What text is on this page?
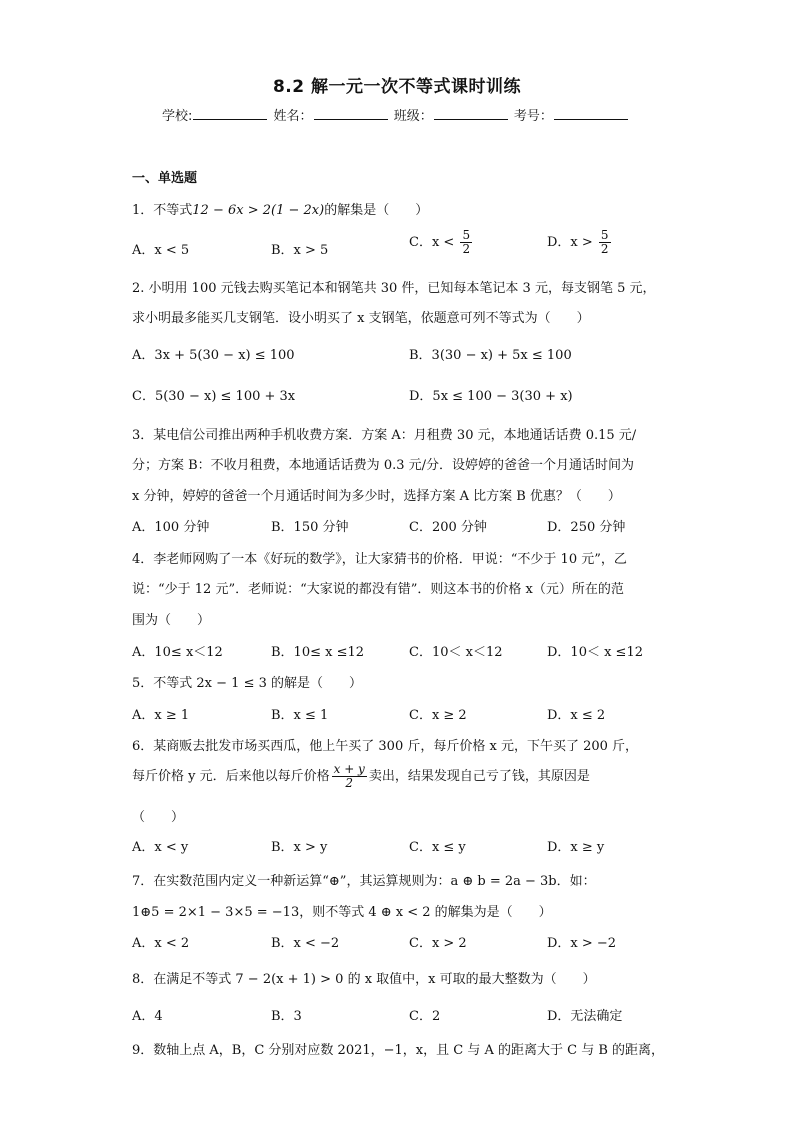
8.2 解一元一次不等式课时训练
学校:	姓名：	班级：	考号：
一、单选题
1．不等式12 − 6x > 2(1 − 2x)的解集是（　　）
A．x < 5	B．x > 5
C．$x < \frac{5}{2}$	D．$x > \frac{5}{2}$
2. 小明用 100 元钱去购买笔记本和钢笔共 30 件，已知每本笔记本 3 元，每支钢笔 5 元，
求小明最多能买几支钢笔．设小明买了 x 支钢笔，依题意可列不等式为（　　）
A．3x + 5(30 − x) ≤ 100	B．3(30 − x) + 5x ≤ 100
C．5(30 − x) ≤ 100 + 3x	D．5x ≤ 100 − 3(30 + x)
3．某电信公司推出两种手机收费方案．方案 A：月租费 30 元，本地通话话费 0.15 元/
分；方案 B：不收月租费，本地通话话费为 0.3 元/分．设婷婷的爸爸一个月通话时间为
x 分钟，婷婷的爸爸一个月通话时间为多少时，选择方案 A 比方案 B 优惠？（　　）
A．100 分钟	B．150 分钟	C．200 分钟	D．250 分钟
4．李老师网购了一本《好玩的数学》，让大家猜书的价格．甲说：“不少于 10 元”，乙
说：“少于 12 元”．老师说：“大家说的都没有错”．则这本书的价格 x（元）所在的范
围为（　　）
A．10≤ x＜12	B．10≤ x ≤12	C．10＜ x＜12	D．10＜ x ≤12
5．不等式 2x − 1 ≤ 3 的解是（　　）
A．x ≥ 1	B．x ≤ 1	C．x ≥ 2	D．x ≤ 2
6．某商贩去批发市场买西瓜，他上午买了 300 斤，每斤价格 x 元，下午买了 200 斤，
每斤价格 y 元．后来他以每斤价格 $\frac{x + y}{2}$ 卖出，结果发现自己亏了钱，其原因是
（　　）
A．x < y	B．x > y	C．x ≤ y	D．x ≥ y
7．在实数范围内定义一种新运算“⊕”，其运算规则为：a ⊕ b = 2a − 3b．如：
1⊕5 = 2×1 − 3×5 = −13，则不等式 4 ⊕ x < 2 的解集为是（　　）
A．x < 2	B．x < −2	C．x > 2	D．x > −2
8．在满足不等式 7 − 2(x + 1) > 0 的 x 取值中，x 可取的最大整数为（　　）
A．4	B．3	C．2	D．无法确定
9．数轴上点 A，B，C 分别对应数 2021，−1，x，且 C 与 A 的距离大于 C 与 B 的距离，
